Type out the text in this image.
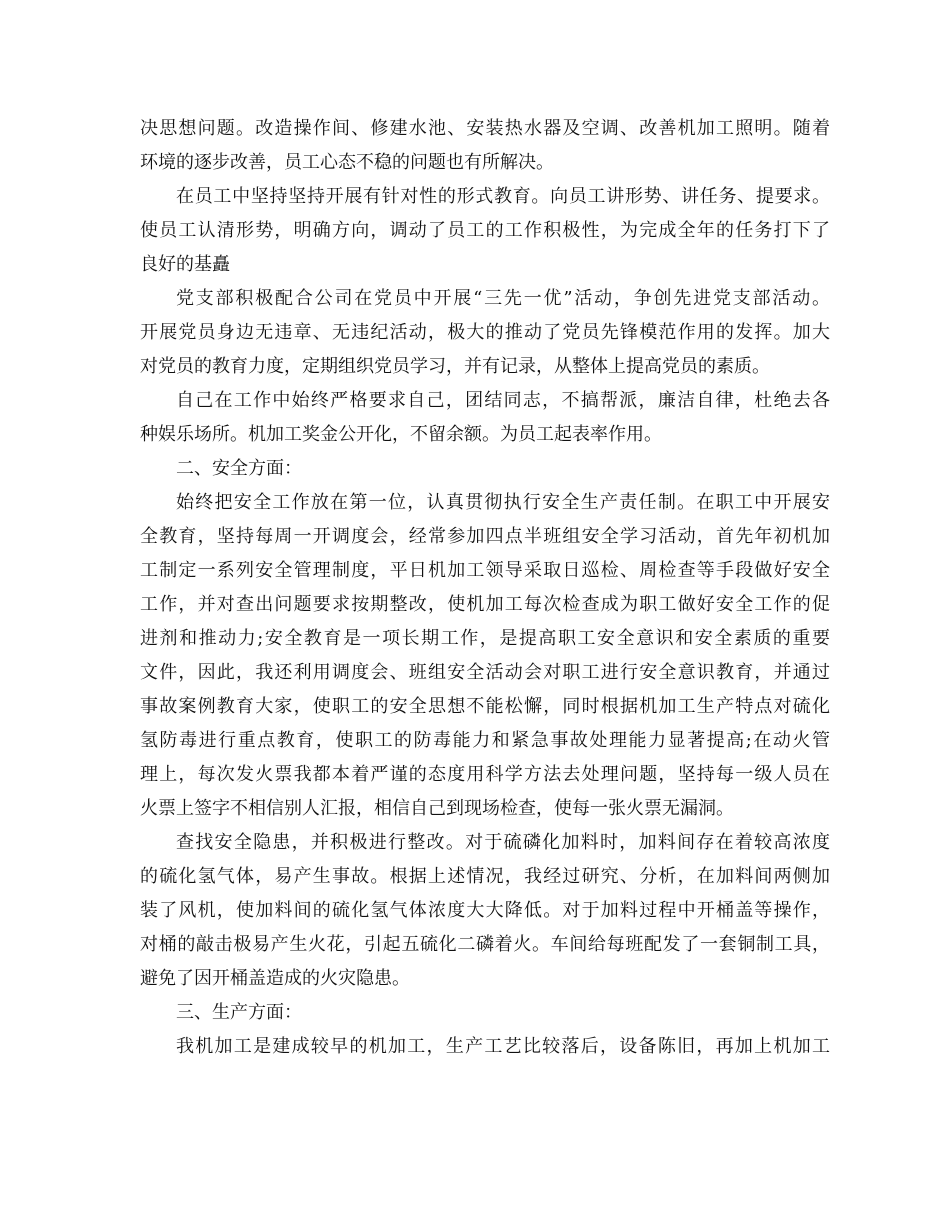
决思想问题。改造操作间、修建水池、安装热水器及空调、改善机加工照明。随着
环境的逐步改善，员工心态不稳的问题也有所解决。
在员工中坚持坚持开展有针对性的形式教育。向员工讲形势、讲任务、提要求。
使员工认清形势，明确方向，调动了员工的工作积极性，为完成全年的任务打下了
良好的基矗
党支部积极配合公司在党员中开展“三先一优”活动，争创先进党支部活动。
开展党员身边无违章、无违纪活动，极大的推动了党员先锋模范作用的发挥。加大
对党员的教育力度，定期组织党员学习，并有记录，从整体上提高党员的素质。
自己在工作中始终严格要求自己，团结同志，不搞帮派，廉洁自律，杜绝去各
种娱乐场所。机加工奖金公开化，不留余额。为员工起表率作用。
二、安全方面：
始终把安全工作放在第一位，认真贯彻执行安全生产责任制。在职工中开展安
全教育，坚持每周一开调度会，经常参加四点半班组安全学习活动，首先年初机加
工制定一系列安全管理制度，平日机加工领导采取日巡检、周检查等手段做好安全
工作，并对查出问题要求按期整改，使机加工每次检查成为职工做好安全工作的促
进剂和推动力;安全教育是一项长期工作，是提高职工安全意识和安全素质的重要
文件，因此，我还利用调度会、班组安全活动会对职工进行安全意识教育，并通过
事故案例教育大家，使职工的安全思想不能松懈，同时根据机加工生产特点对硫化
氢防毒进行重点教育，使职工的防毒能力和紧急事故处理能力显著提高;在动火管
理上，每次发火票我都本着严谨的态度用科学方法去处理问题，坚持每一级人员在
火票上签字不相信别人汇报，相信自己到现场检查，使每一张火票无漏洞。
查找安全隐患，并积极进行整改。对于硫磷化加料时，加料间存在着较高浓度
的硫化氢气体，易产生事故。根据上述情况，我经过研究、分析，在加料间两侧加
装了风机，使加料间的硫化氢气体浓度大大降低。对于加料过程中开桶盖等操作，
对桶的敲击极易产生火花，引起五硫化二磷着火。车间给每班配发了一套铜制工具，
避免了因开桶盖造成的火灾隐患。
三、生产方面：
我机加工是建成较早的机加工，生产工艺比较落后，设备陈旧，再加上机加工
